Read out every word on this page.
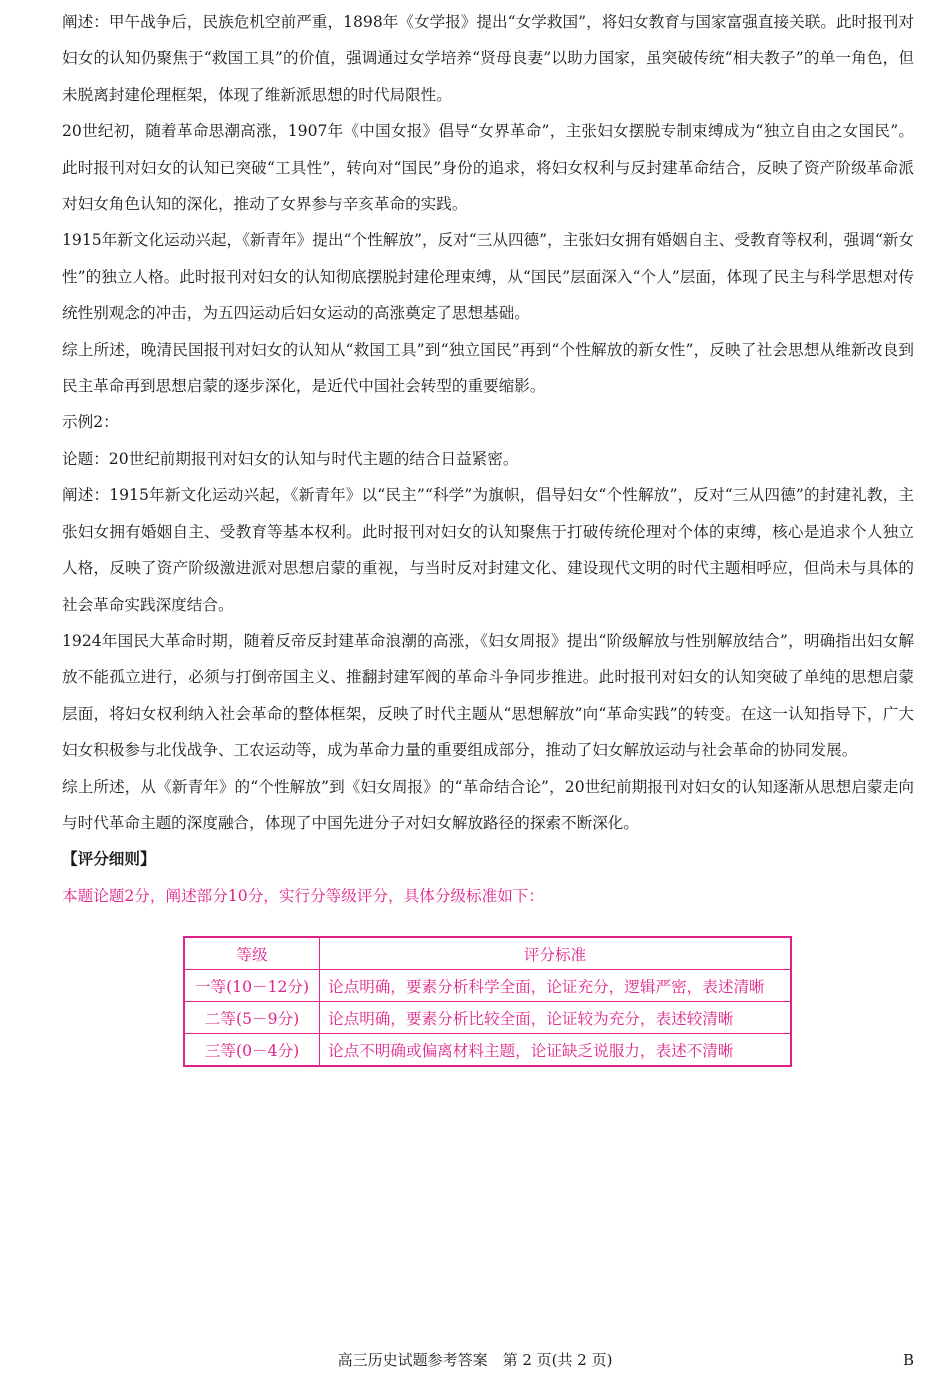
阐述：甲午战争后，民族危机空前严重，1898年《女学报》提出“女学救国”，将妇女教育与国家富强直接关联。此时报刊对妇女的认知仍聚焦于“救国工具”的价值，强调通过女学培养“贤母良妻”以助力国家，虽突破传统“相夫教子”的单一角色，但未脱离封建伦理框架，体现了维新派思想的时代局限性。

20世纪初，随着革命思潮高涨，1907年《中国女报》倡导“女界革命”，主张妇女摆脱专制束缚成为“独立自由之女国民”。此时报刊对妇女的认知已突破“工具性”，转向对“国民”身份的追求，将妇女权利与反封建革命结合，反映了资产阶级革命派对妇女角色认知的深化，推动了女界参与辛亥革命的实践。

1915年新文化运动兴起，《新青年》提出“个性解放”，反对“三从四德”，主张妇女拥有婚姻自主、受教育等权利，强调“新女性”的独立人格。此时报刊对妇女的认知彻底摆脱封建伦理束缚，从“国民”层面深入“个人”层面，体现了民主与科学思想对传统性别观念的冲击，为五四运动后妇女运动的高涨奠定了思想基础。

综上所述，晚清民国报刊对妇女的认知从“救国工具”到“独立国民”再到“个性解放的新女性”，反映了社会思想从维新改良到民主革命再到思想启蒙的逐步深化，是近代中国社会转型的重要缩影。

示例2：

论题：20世纪前期报刊对妇女的认知与时代主题的结合日益紧密。

阐述：1915年新文化运动兴起，《新青年》以“民主”“科学”为旗帜，倡导妇女“个性解放”，反对“三从四德”的封建礼教，主张妇女拥有婚姻自主、受教育等基本权利。此时报刊对妇女的认知聚焦于打破传统伦理对个体的束缚，核心是追求个人独立人格，反映了资产阶级激进派对思想启蒙的重视，与当时反对封建文化、建设现代文明的时代主题相呼应，但尚未与具体的社会革命实践深度结合。

1924年国民大革命时期，随着反帝反封建革命浪潮的高涨，《妇女周报》提出“阶级解放与性别解放结合”，明确指出妇女解放不能孤立进行，必须与打倒帝国主义、推翻封建军阀的革命斗争同步推进。此时报刊对妇女的认知突破了单纯的思想启蒙层面，将妇女权利纳入社会革命的整体框架，反映了时代主题从“思想解放”向“革命实践”的转变。在这一认知指导下，广大妇女积极参与北伐战争、工农运动等，成为革命力量的重要组成部分，推动了妇女解放运动与社会革命的协同发展。

综上所述，从《新青年》的“个性解放”到《妇女周报》的“革命结合论”，20世纪前期报刊对妇女的认知逐渐从思想启蒙走向与时代革命主题的深度融合，体现了中国先进分子对妇女解放路径的探索不断深化。

【评分细则】

本题论题2分，阐述部分10分，实行分等级评分，具体分级标准如下：

等级	评分标准
一等(10－12分)	论点明确，要素分析科学全面，论证充分，逻辑严密，表述清晰
二等(5－9分)	论点明确，要素分析比较全面，论证较为充分，表述较清晰
三等(0－4分)	论点不明确或偏离材料主题，论证缺乏说服力，表述不清晰
高三历史试题参考答案　第 2 页(共 2 页)	B
